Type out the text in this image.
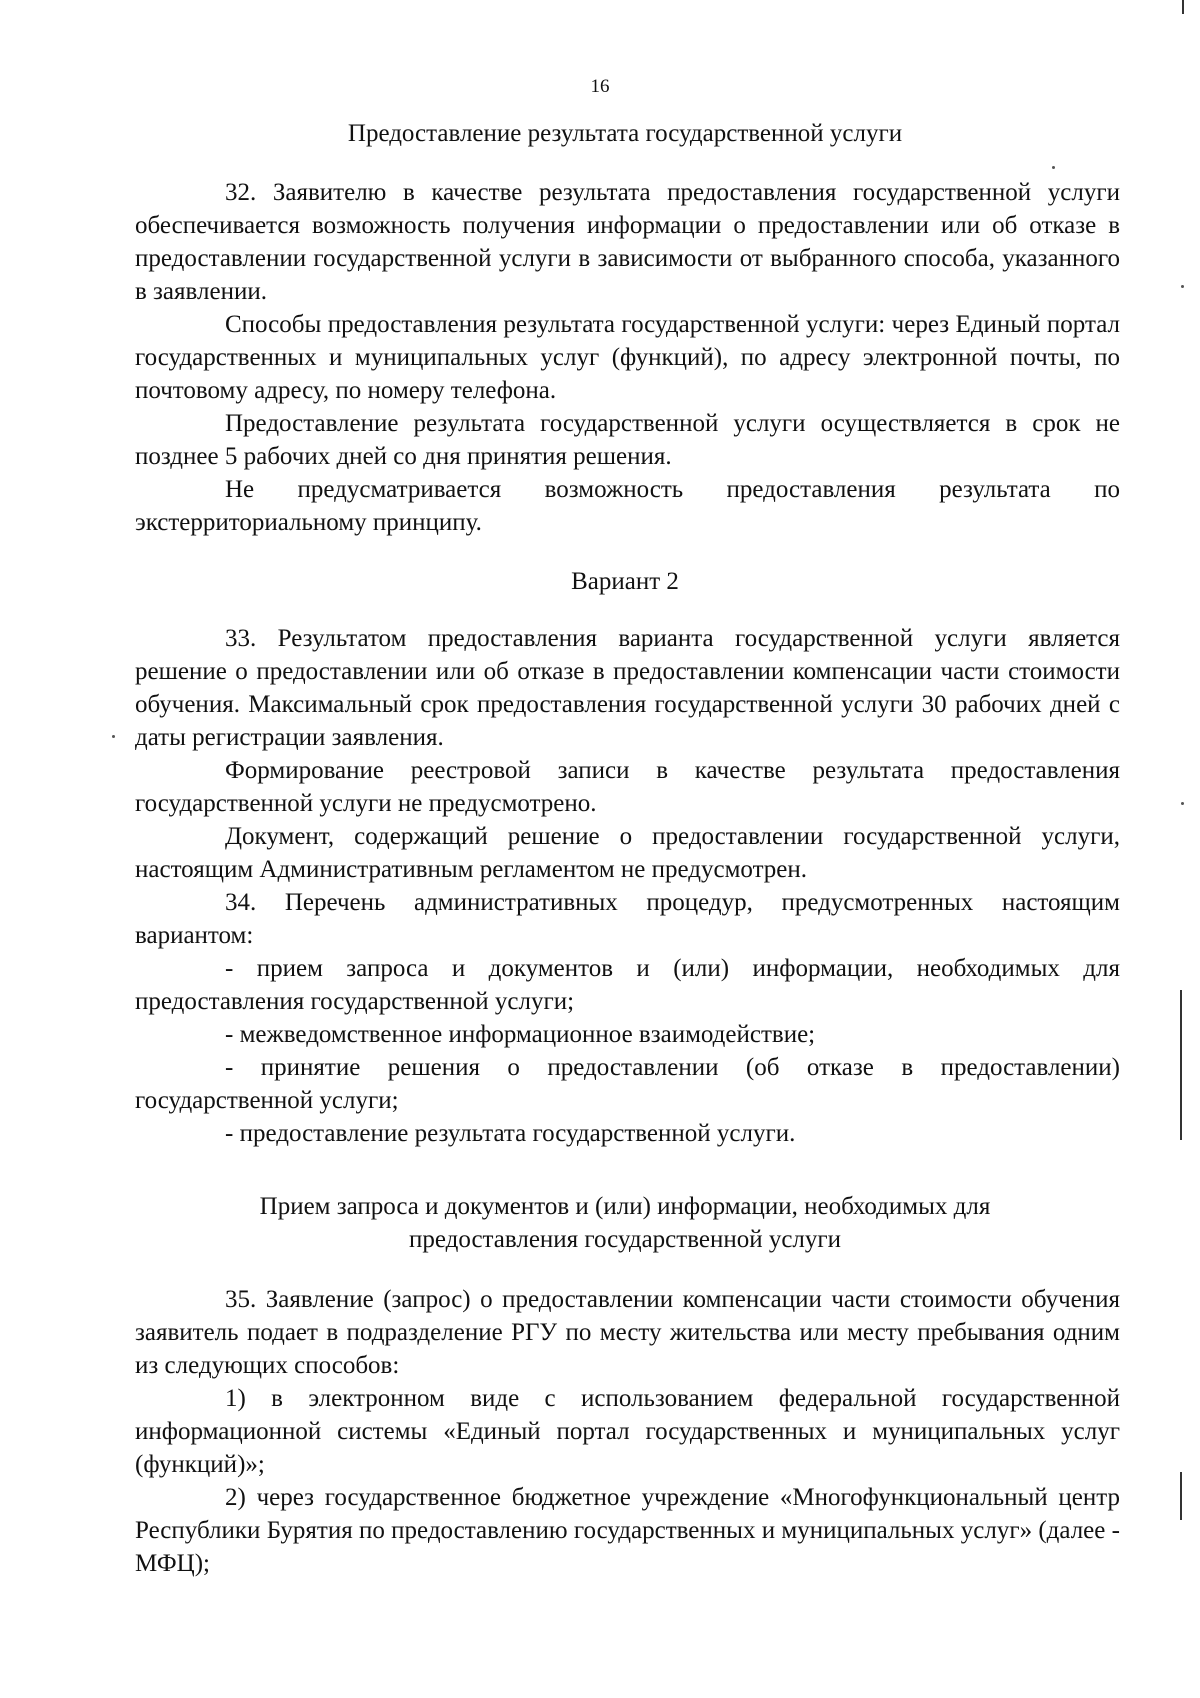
16
Предоставление результата государственной услуги

32. Заявителю в качестве результата предоставления государственной услуги обеспечивается возможность получения информации о предоставлении или об отказе в предоставлении государственной услуги в зависимости от выбранного способа, указанного в заявлении.

Способы предоставления результата государственной услуги: через Единый портал государственных и муниципальных услуг (функций), по адресу электронной почты, по почтовому адресу, по номеру телефона.

Предоставление результата государственной услуги осуществляется в срок не позднее 5 рабочих дней со дня принятия решения.

Не предусматривается возможность предоставления результата по экстерриториальному принципу.

Вариант 2

33. Результатом предоставления варианта государственной услуги является решение о предоставлении или об отказе в предоставлении компенсации части стоимости обучения. Максимальный срок предоставления государственной услуги 30 рабочих дней с даты регистрации заявления.

Формирование реестровой записи в качестве результата предоставления государственной услуги не предусмотрено.

Документ, содержащий решение о предоставлении государственной услуги, настоящим Административным регламентом не предусмотрен.

34. Перечень административных процедур, предусмотренных настоящим вариантом:

- прием запроса и документов и (или) информации, необходимых для предоставления государственной услуги;

- межведомственное информационное взаимодействие;

- принятие решения о предоставлении (об отказе в предоставлении) государственной услуги;

- предоставление результата государственной услуги.

Прием запроса и документов и (или) информации, необходимых для
предоставления государственной услуги

35. Заявление (запрос) о предоставлении компенсации части стоимости обучения заявитель подает в подразделение РГУ по месту жительства или месту пребывания одним из следующих способов:

1) в электронном виде с использованием федеральной государственной информационной системы «Единый портал государственных и муниципальных услуг (функций)»;

2) через государственное бюджетное учреждение «Многофункциональный центр Республики Бурятия по предоставлению государственных и муниципальных услуг» (далее - МФЦ);
